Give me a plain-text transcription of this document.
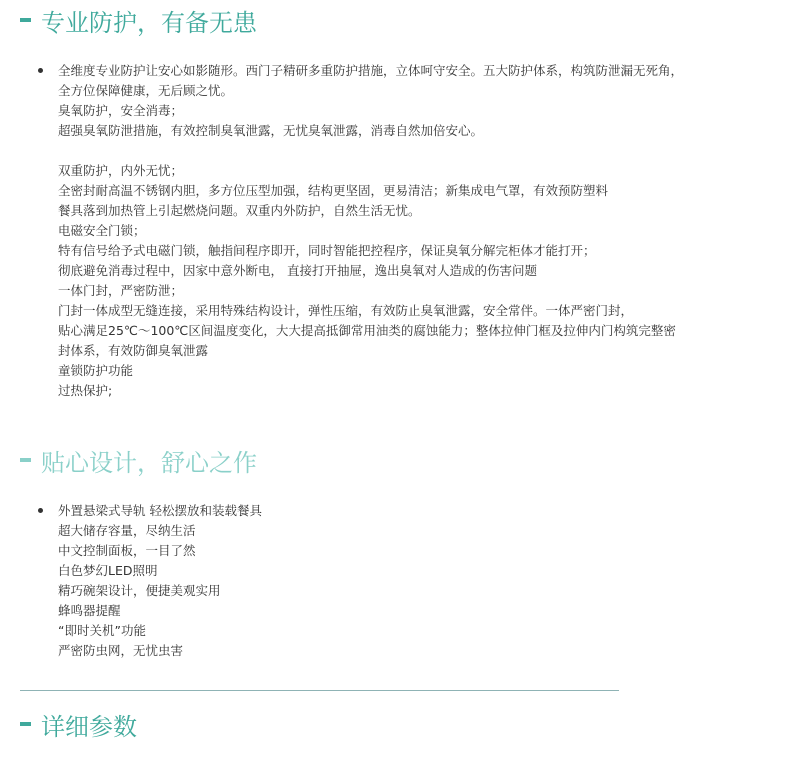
专业防护，有备无患
全维度专业防护让安心如影随形。西门子精研多重防护措施，立体呵守安全。五大防护体系，构筑防泄漏无死角，
全方位保障健康，无后顾之忧。
臭氧防护，安全消毒；
超强臭氧防泄措施，有效控制臭氧泄露，无忧臭氧泄露，消毒自然加倍安心。
双重防护，内外无忧；
全密封耐高温不锈钢内胆，多方位压型加强，结构更坚固，更易清洁；新集成电气罩，有效预防塑料
餐具落到加热管上引起燃烧问题。双重内外防护，自然生活无忧。
电磁安全门锁；
特有信号给予式电磁门锁，触指间程序即开，同时智能把控程序，保证臭氧分解完柜体才能打开；
彻底避免消毒过程中，因家中意外断电， 直接打开抽屉，逸出臭氧对人造成的伤害问题
一体门封，严密防泄；
门封一体成型无缝连接，采用特殊结构设计，弹性压缩，有效防止臭氧泄露，安全常伴。一体严密门封，
贴心满足25℃～100℃区间温度变化，大大提高抵御常用油类的腐蚀能力；整体拉伸门框及拉伸内门构筑完整密
封体系，有效防御臭氧泄露
童锁防护功能
过热保护;
贴心设计，舒心之作
外置悬梁式导轨 轻松摆放和装载餐具
超大储存容量，尽纳生活
中文控制面板，一目了然
白色梦幻LED照明
精巧碗架设计，便捷美观实用
蜂鸣器提醒
“即时关机”功能
严密防虫网，无忧虫害
详细参数
